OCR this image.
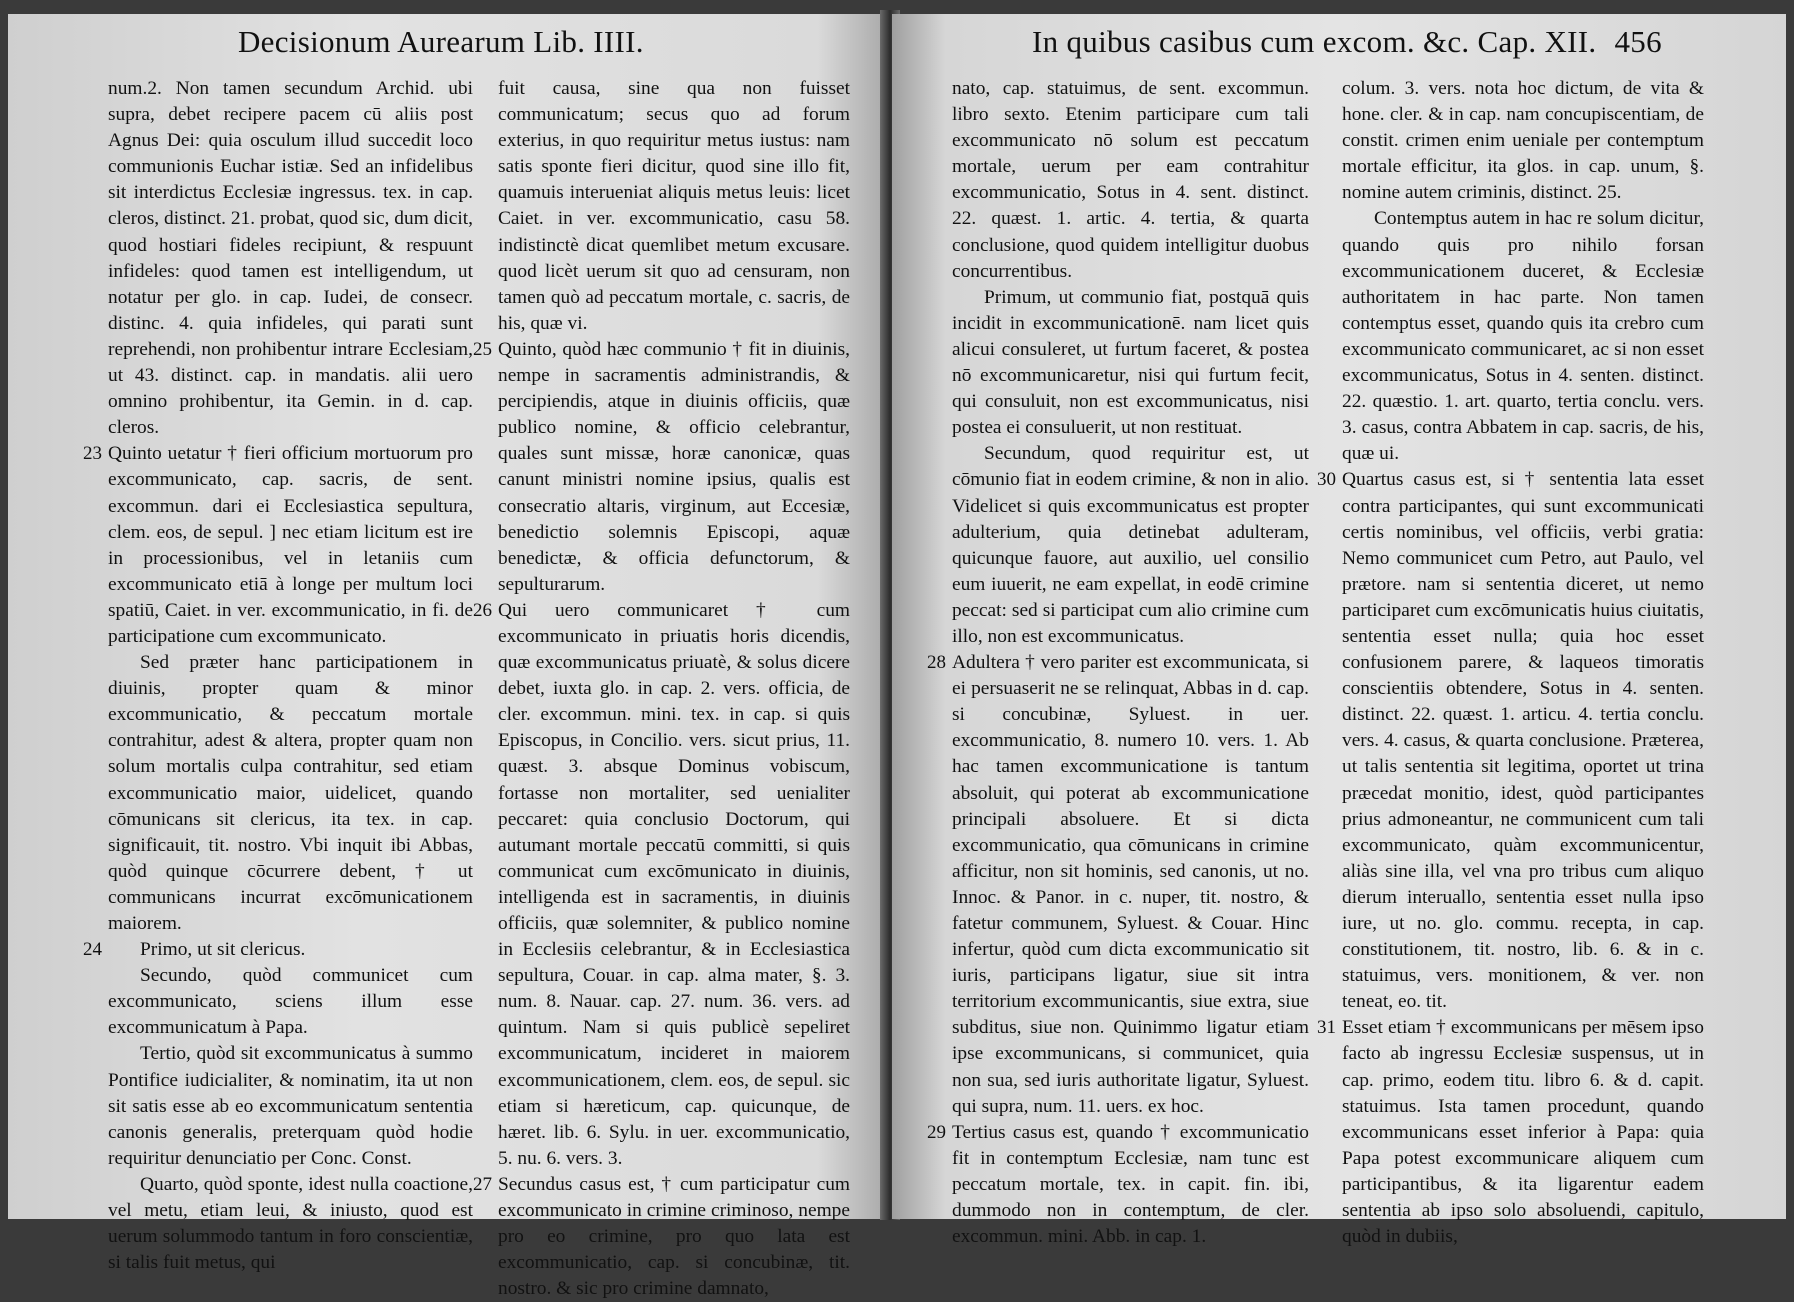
Decisionum Aurearum Lib. IIII.

num.2. Non tamen secundum Archid. ubi supra, debet recipere pacem cū aliis post Agnus Dei: quia osculum illud succedit loco communionis Euchar istiæ. Sed an infidelibus sit interdictus Ecclesiæ ingressus. tex. in cap. cleros, distinct. 21. probat, quod sic, dum dicit, quod hostiari fideles recipiunt, & respuunt infideles: quod tamen est intelligendum, ut notatur per glo. in cap. Iudei, de consecr. distinc. 4. quia infideles, qui parati sunt reprehendi, non prohibentur intrare Ecclesiam, ut 43. distinct. cap. in mandatis. alii uero omnino prohibentur, ita Gemin. in d. cap. cleros.

23 Quinto uetatur † fieri officium mortuorum pro excommunicato, cap. sacris, de sent. excommun. dari ei Ecclesiastica sepultura, clem. eos, de sepul. ] nec etiam licitum est ire in processionibus, vel in letaniis cum excommunicato etiā à longe per multum loci spatiū, Caiet. in ver. excommunicatio, in fi. de participatione cum excommunicato.

Sed præter hanc participationem in diuinis, propter quam & minor excommunicatio, & peccatum mortale contrahitur, adest & altera, propter quam non solum mortalis culpa contrahitur, sed etiam excommunicatio maior, uidelicet, quando cōmunicans sit clericus, ita tex. in cap. significauit, tit. nostro. Vbi inquit ibi Abbas, quòd quinque cōcurrere debent, † ut communicans incurrat excōmunicationem maiorem.

24 Primo, ut sit clericus.

Secundo, quòd communicet cum excommunicato, sciens illum esse excommunicatum à Papa.

Tertio, quòd sit excommunicatus à summo Pontifice iudicialiter, & nominatim, ita ut non sit satis esse ab eo excommunicatum sententia canonis generalis, preterquam quòd hodie requiritur denunciatio per Conc. Const.

Quarto, quòd sponte, idest nulla coactione, vel metu, etiam leui, & iniusto, quod est uerum solummodo tantum in foro conscientiæ, si talis fuit metus, qui

fuit causa, sine qua non fuisset communicatum; secus quo ad forum exterius, in quo requiritur metus iustus: nam satis sponte fieri dicitur, quod sine illo fit, quamuis interueniat aliquis metus leuis: licet Caiet. in ver. excommunicatio, casu 58. indistinctè dicat quemlibet metum excusare. quod licèt uerum sit quo ad censuram, non tamen quò ad peccatum mortale, c. sacris, de his, quæ vi.

25 Quinto, quòd hæc communio † fit in diuinis, nempe in sacramentis administrandis, & percipiendis, atque in diuinis officiis, quæ publico nomine, & officio celebrantur, quales sunt missæ, horæ canonicæ, quas canunt ministri nomine ipsius, qualis est consecratio altaris, virginum, aut Eccesiæ, benedictio solemnis Episcopi, aquæ benedictæ, & officia defunctorum, & sepulturarum.

26 Qui uero communicaret † cum excommunicato in priuatis horis dicendis, quæ excommunicatus priuatè, & solus dicere debet, iuxta glo. in cap. 2. vers. officia, de cler. excommun. mini. tex. in cap. si quis Episcopus, in Concilio. vers. sicut prius, 11. quæst. 3. absque Dominus vobiscum, fortasse non mortaliter, sed uenialiter peccaret: quia conclusio Doctorum, qui autumant mortale peccatū committi, si quis communicat cum excōmunicato in diuinis, intelligenda est in sacramentis, in diuinis officiis, quæ solemniter, & publico nomine in Ecclesiis celebrantur, & in Ecclesiastica sepultura, Couar. in cap. alma mater, §. 3. num. 8. Nauar. cap. 27. num. 36. vers. ad quintum. Nam si quis publicè sepeliret excommunicatum, incideret in maiorem excommunicationem, clem. eos, de sepul. sic etiam si hæreticum, cap. quicunque, de hæret. lib. 6. Sylu. in uer. excommunicatio, 5. nu. 6. vers. 3.

27 Secundus casus est, † cum participatur cum excommunicato in crimine criminoso, nempe pro eo crimine, pro quo lata est excommunicatio, cap. si concubinæ, tit. nostro. & sic pro crimine damnato,

In quibus casibus cum excom. &c. Cap. XII. 456

nato, cap. statuimus, de sent. excommun. libro sexto. Etenim participare cum tali excommunicato nō solum est peccatum mortale, uerum per eam contrahitur excommunicatio, Sotus in 4. sent. distinct. 22. quæst. 1. artic. 4. tertia, & quarta conclusione, quod quidem intelligitur duobus concurrentibus.

Primum, ut communio fiat, postquā quis incidit in excommunicationē. nam licet quis alicui consuleret, ut furtum faceret, & postea nō excommunicaretur, nisi qui furtum fecit, qui consuluit, non est excommunicatus, nisi postea ei consuluerit, ut non restituat.

Secundum, quod requiritur est, ut cōmunio fiat in eodem crimine, & non in alio. Videlicet si quis excommunicatus est propter adulterium, quia detinebat adulteram, quicunque fauore, aut auxilio, uel consilio eum iuuerit, ne eam expellat, in eodē crimine peccat: sed si participat cum alio crimine cum illo, non est excommunicatus.

28 Adultera † vero pariter est excommunicata, si ei persuaserit ne se relinquat, Abbas in d. cap. si concubinæ, Syluest. in uer. excommunicatio, 8. numero 10. vers. 1. Ab hac tamen excommunicatione is tantum absoluit, qui poterat ab excommunicatione principali absoluere. Et si dicta excommunicatio, qua cōmunicans in crimine afficitur, non sit hominis, sed canonis, ut no. Innoc. & Panor. in c. nuper, tit. nostro, & fatetur communem, Syluest. & Couar. Hinc infertur, quòd cum dicta excommunicatio sit iuris, participans ligatur, siue sit intra territorium excommunicantis, siue extra, siue subditus, siue non. Quinimmo ligatur etiam ipse excommunicans, si communicet, quia non sua, sed iuris authoritate ligatur, Syluest. qui supra, num. 11. uers. ex hoc.

29 Tertius casus est, quando † excommunicatio fit in contemptum Ecclesiæ, nam tunc est peccatum mortale, tex. in capit. fin. ibi, dummodo non in contemptum, de cler. excommun. mini. Abb. in cap. 1.

colum. 3. vers. nota hoc dictum, de vita & hone. cler. & in cap. nam concupiscentiam, de constit. crimen enim ueniale per contemptum mortale efficitur, ita glos. in cap. unum, §. nomine autem criminis, distinct. 25.

Contemptus autem in hac re solum dicitur, quando quis pro nihilo forsan excommunicationem duceret, & Ecclesiæ authoritatem in hac parte. Non tamen contemptus esset, quando quis ita crebro cum excommunicato communicaret, ac si non esset excommunicatus, Sotus in 4. senten. distinct. 22. quæstio. 1. art. quarto, tertia conclu. vers. 3. casus, contra Abbatem in cap. sacris, de his, quæ ui.

30 Quartus casus est, si † sententia lata esset contra participantes, qui sunt excommunicati certis nominibus, vel officiis, verbi gratia: Nemo communicet cum Petro, aut Paulo, vel prætore. nam si sententia diceret, ut nemo participaret cum excōmunicatis huius ciuitatis, sententia esset nulla; quia hoc esset confusionem parere, & laqueos timoratis conscientiis obtendere, Sotus in 4. senten. distinct. 22. quæst. 1. articu. 4. tertia conclu. vers. 4. casus, & quarta conclusione. Præterea, ut talis sententia sit legitima, oportet ut trina præcedat monitio, idest, quòd participantes prius admoneantur, ne communicent cum tali excommunicato, quàm excommunicentur, aliàs sine illa, vel vna pro tribus cum aliquo dierum interuallo, sententia esset nulla ipso iure, ut no. glo. commu. recepta, in cap. constitutionem, tit. nostro, lib. 6. & in c. statuimus, vers. monitionem, & ver. non teneat, eo. tit.

31 Esset etiam † excommunicans per mēsem ipso facto ab ingressu Ecclesiæ suspensus, ut in cap. primo, eodem titu. libro 6. & d. capit. statuimus. Ista tamen procedunt, quando excommunicans esset inferior à Papa: quia Papa potest excommunicare aliquem cum participantibus, & ita ligarentur eadem sententia ab ipso solo absoluendi, capitulo, quòd in dubiis,
